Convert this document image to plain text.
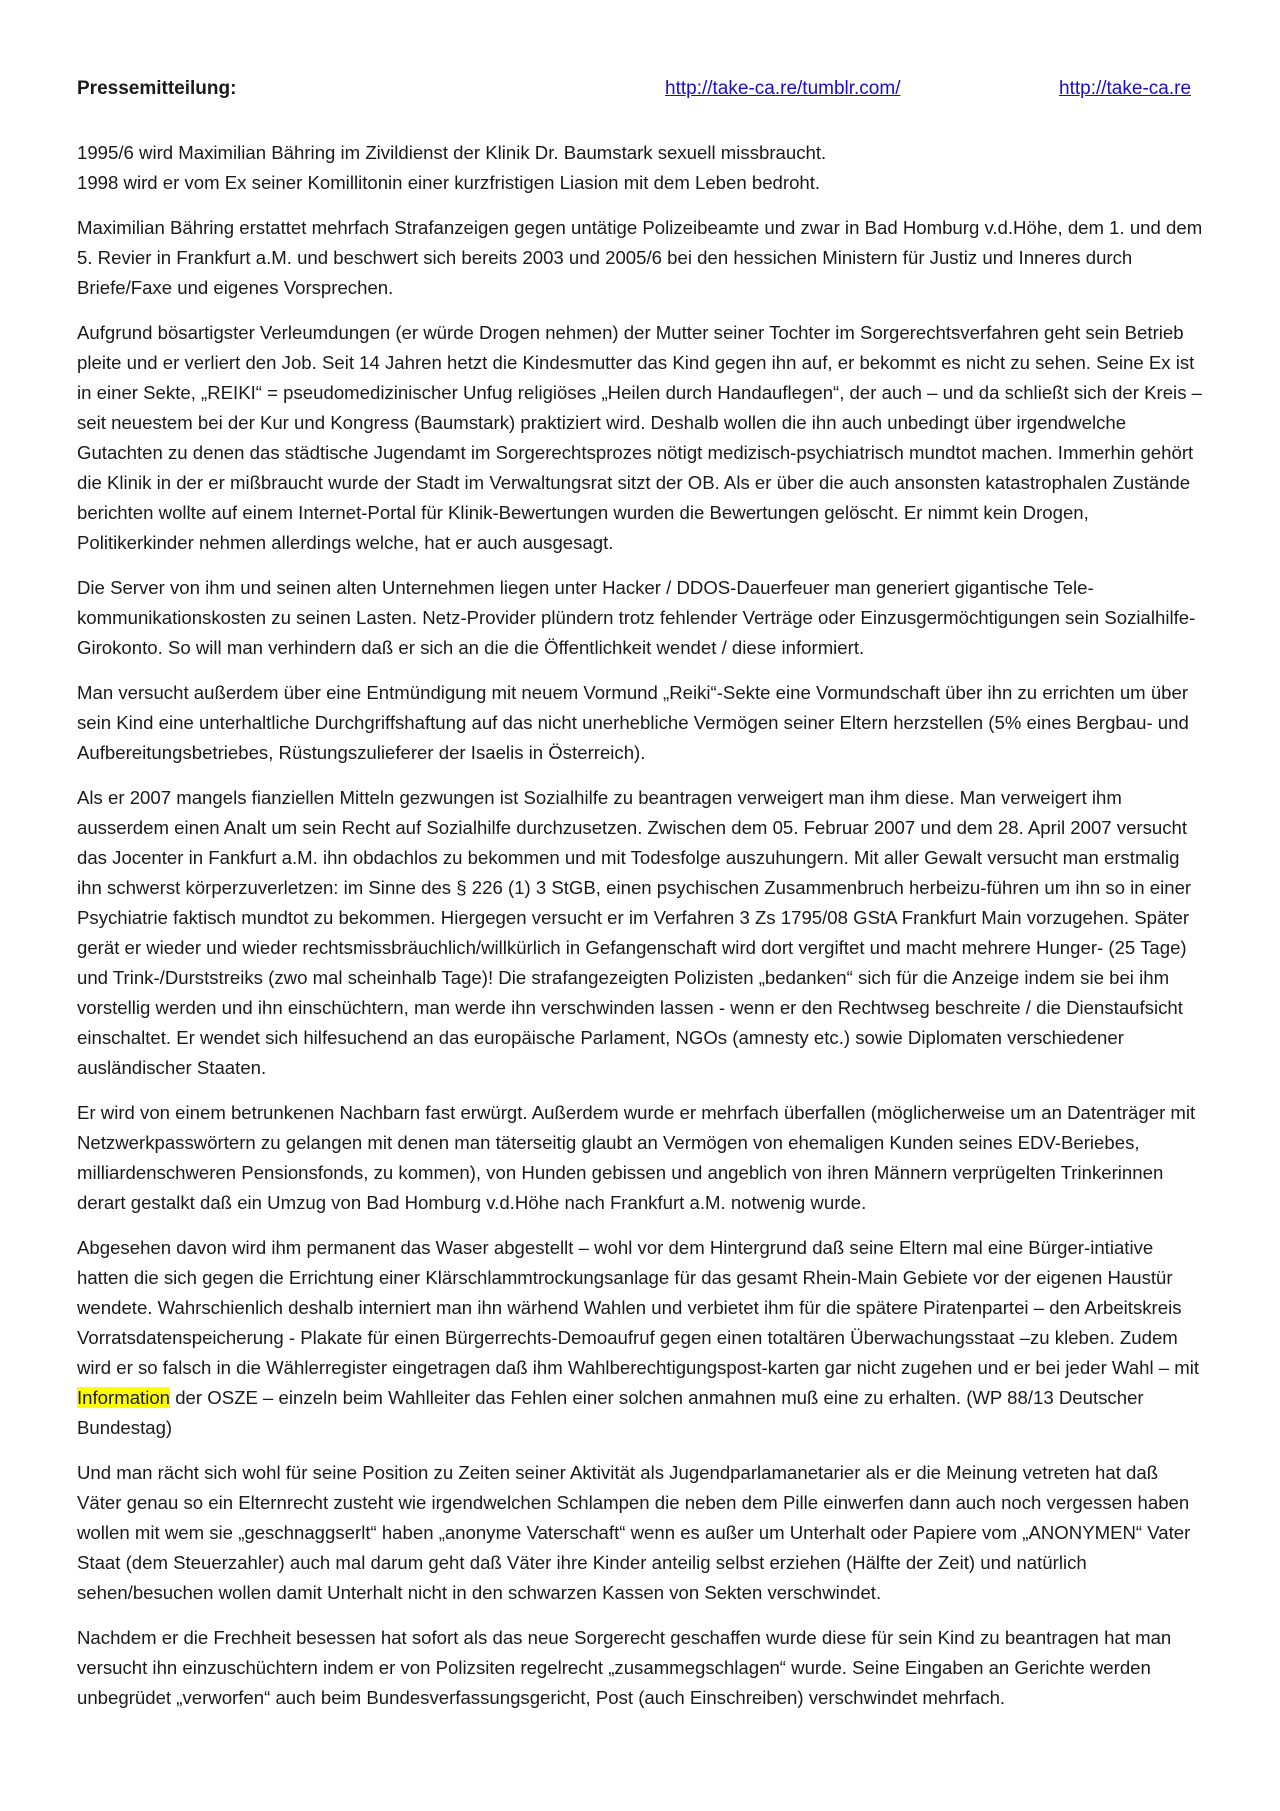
Pressemitteilung:	http://take-ca.re/tumblr.com/	http://take-ca.re

1995/6 wird Maximilian Bähring im Zivildienst der Klinik Dr. Baumstark sexuell missbraucht.

1998 wird er vom Ex seiner Komillitonin einer kurzfristigen Liasion mit dem Leben bedroht.

Maximilian Bähring erstattet mehrfach Strafanzeigen gegen untätige Polizeibeamte und zwar in Bad Homburg v.d.Höhe, dem 1. und dem 5. Revier in Frankfurt a.M. und beschwert sich bereits 2003 und 2005/6 bei den hessichen Ministern für Justiz und Inneres durch Briefe/Faxe und eigenes Vorsprechen.

Aufgrund bösartigster Verleumdungen (er würde Drogen nehmen) der Mutter seiner Tochter im Sorgerechtsverfahren geht sein Betrieb pleite und er verliert den Job. Seit 14 Jahren hetzt die Kindesmutter das Kind gegen ihn auf, er bekommt es nicht zu sehen. Seine Ex ist in einer Sekte, „REIKI“ = pseudomedizinischer Unfug religiöses „Heilen durch Handauflegen“, der auch – und da schließt sich der Kreis – seit neuestem bei der Kur und Kongress (Baumstark) praktiziert wird. Deshalb wollen die ihn auch unbedingt über irgendwelche Gutachten zu denen das städtische Jugendamt im Sorgerechtsprozes nötigt medizisch-psychiatrisch mundtot machen. Immerhin gehört die Klinik in der er mißbraucht wurde der Stadt im Verwaltungsrat sitzt der OB. Als er über die auch ansonsten katastrophalen Zustände berichten wollte auf einem Internet-Portal für Klinik-Bewertungen wurden die Bewertungen gelöscht. Er nimmt kein Drogen, Politikerkinder nehmen allerdings welche, hat er auch ausgesagt.

Die Server von ihm und seinen alten Unternehmen liegen unter Hacker / DDOS-Dauerfeuer man generiert gigantische Tele-kommunikationskosten zu seinen Lasten. Netz-Provider plündern trotz fehlender Verträge oder Einzusgermöchtigungen sein Sozialhilfe-Girokonto. So will man verhindern daß er sich an die die Öffentlichkeit wendet / diese informiert.

Man versucht außerdem über eine Entmündigung mit neuem Vormund „Reiki“-Sekte eine Vormundschaft über ihn zu errichten um über sein Kind eine unterhaltliche Durchgriffshaftung auf das nicht unerhebliche Vermögen seiner Eltern herzstellen (5% eines Bergbau- und Aufbereitungsbetriebes, Rüstungszulieferer der Isaelis in Österreich).

Als er 2007 mangels fianziellen Mitteln gezwungen ist Sozialhilfe zu beantragen verweigert man ihm diese. Man verweigert ihm ausserdem einen Analt um sein Recht auf Sozialhilfe durchzusetzen. Zwischen dem 05. Februar 2007 und dem 28. April 2007 versucht das Jocenter in Fankfurt a.M. ihn obdachlos zu bekommen und mit Todesfolge auszuhungern. Mit aller Gewalt versucht man erstmalig ihn schwerst körperzuverletzen: im Sinne des § 226 (1) 3 StGB, einen psychischen Zusammenbruch herbeizu-führen um ihn so in einer Psychiatrie faktisch mundtot zu bekommen. Hiergegen versucht er im Verfahren 3 Zs 1795/08 GStA Frankfurt Main vorzugehen. Später gerät er wieder und wieder rechtsmissbräuchlich/willkürlich in Gefangenschaft wird dort vergiftet und macht mehrere Hunger- (25 Tage) und Trink-/Durststreiks (zwo mal scheinhalb Tage)! Die strafangezeigten Polizisten „bedanken“ sich für die Anzeige indem sie bei ihm vorstellig werden und ihn einschüchtern, man werde ihn verschwinden lassen - wenn er den Rechtwseg beschreite / die Dienstaufsicht einschaltet. Er wendet sich hilfesuchend an das europäische Parlament, NGOs (amnesty etc.) sowie Diplomaten verschiedener ausländischer Staaten.

Er wird von einem betrunkenen Nachbarn fast erwürgt. Außerdem wurde er mehrfach überfallen (möglicherweise um an Datenträger mit Netzwerkpasswörtern zu gelangen mit denen man täterseitig glaubt an Vermögen von ehemaligen Kunden seines EDV-Beriebes, milliardenschweren Pensionsfonds, zu kommen), von Hunden gebissen und angeblich von ihren Männern verprügelten Trinkerinnen derart gestalkt daß ein Umzug von Bad Homburg v.d.Höhe nach Frankfurt a.M. notwenig wurde.

Abgesehen davon wird ihm permanent das Waser abgestellt – wohl vor dem Hintergrund daß seine Eltern mal eine Bürger-intiative hatten die sich gegen die Errichtung einer Klärschlammtrockungsanlage für das gesamt Rhein-Main Gebiete vor der eigenen Haustür wendete. Wahrschienlich deshalb interniert man ihn wärhend Wahlen und verbietet ihm für die spätere Piratenpartei – den Arbeitskreis Vorratsdatenspeicherung - Plakate für einen Bürgerrechts-Demoaufruf gegen einen totaltären Überwachungsstaat –zu kleben. Zudem wird er so falsch in die Wählerregister eingetragen daß ihm Wahlberechtigungspost-karten gar nicht zugehen und er bei jeder Wahl – mit Information der OSZE – einzeln beim Wahlleiter das Fehlen einer solchen anmahnen muß eine zu erhalten. (WP 88/13 Deutscher Bundestag)

Und man rächt sich wohl für seine Position zu Zeiten seiner Aktivität als Jugendparlamanetarier als er die Meinung vetreten hat daß Väter genau so ein Elternrecht zusteht wie irgendwelchen Schlampen die neben dem Pille einwerfen dann auch noch vergessen haben wollen mit wem sie „geschnaggserlt“ haben „anonyme Vaterschaft“ wenn es außer um Unterhalt oder Papiere vom „ANONYMEN“ Vater Staat (dem Steuerzahler) auch mal darum geht daß Väter ihre Kinder anteilig selbst erziehen (Hälfte der Zeit) und natürlich sehen/besuchen wollen damit Unterhalt nicht in den schwarzen Kassen von Sekten verschwindet.

Nachdem er die Frechheit besessen hat sofort als das neue Sorgerecht geschaffen wurde diese für sein Kind zu beantragen hat man versucht ihn einzuschüchtern indem er von Polizsiten regelrecht „zusammegschlagen“ wurde. Seine Eingaben an Gerichte werden unbegrüdet „verworfen“ auch beim Bundesverfassungsgericht, Post (auch Einschreiben) verschwindet mehrfach.
